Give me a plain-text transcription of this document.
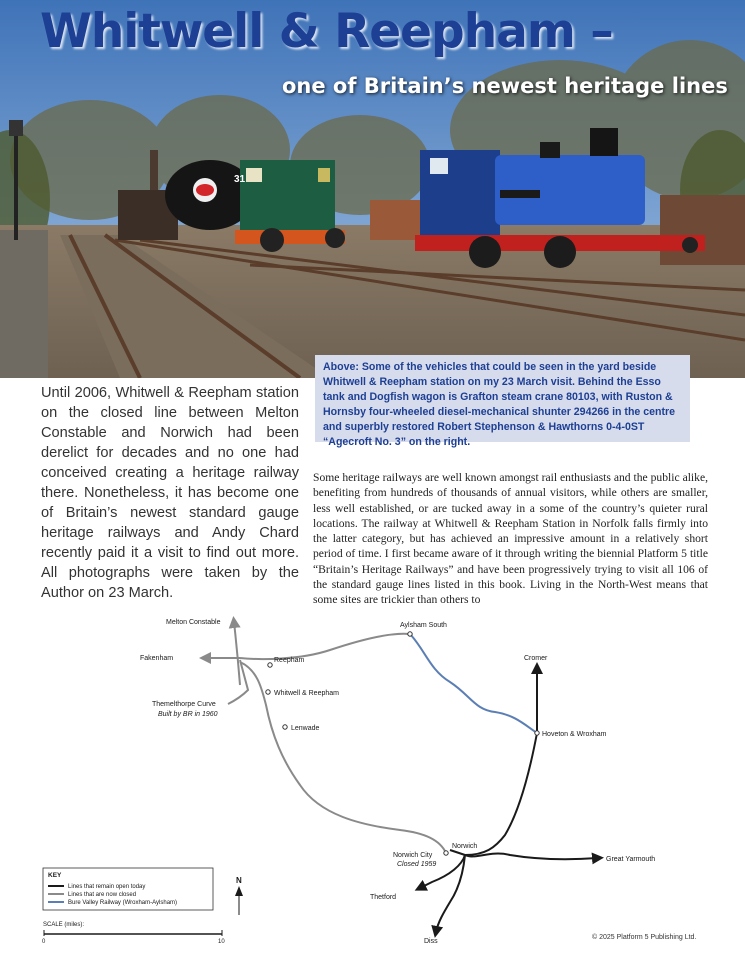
31
Whitwell & Reepham –
one of Britain’s newest heritage lines
Above: Some of the vehicles that could be seen in the yard beside Whitwell & Reepham station on my 23 March visit. Behind the Esso tank and Dogfish wagon is Grafton steam crane 80103, with Ruston & Hornsby four-wheeled diesel-mechanical shunter 294266 in the centre and superbly restored Robert Stephenson & Hawthorns 0-4-0ST “Agecroft No. 3” on the right.
Until 2006, Whitwell & Reepham station on the closed line between Melton Constable and Norwich had been derelict for decades and no one had conceived creating a heritage railway there. Nonetheless, it has become one of Britain’s newest standard gauge heritage railways and Andy Chard recently paid it a visit to find out more. All photographs were taken by the Author on 23 March.
Some heritage railways are well known amongst rail enthusiasts and the public alike, benefiting from hundreds of thousands of annual visitors, while others are smaller, less well established, or are tucked away in a some of the country’s quieter rural locations. The railway at Whitwell & Reepham Station in Norfolk falls firmly into the latter category, but has achieved an impressive amount in a relatively short period of time. I first became aware of it through writing the biennial Platform 5 title “Britain’s Heritage Railways” and have been progressively trying to visit all 106 of the standard gauge lines listed in this book. Living in the North-West means that some sites are trickier than others to
Melton Constable	Aylsham South
Cromer
Fakenham	Reepham
Whitwell & Reepham
Themelthorpe Curve
Built by BR in 1960
Lenwade
Hoveton & Wroxham
Norwich City
Closed 1959
Norwich
Great Yarmouth
Thetford
Diss
KEY
Lines that remain open today
Lines that are now closed
Bure Valley Railway (Wroxham-Aylsham)
N
SCALE (miles):
0	10
© 2025 Platform 5 Publishing Ltd.
